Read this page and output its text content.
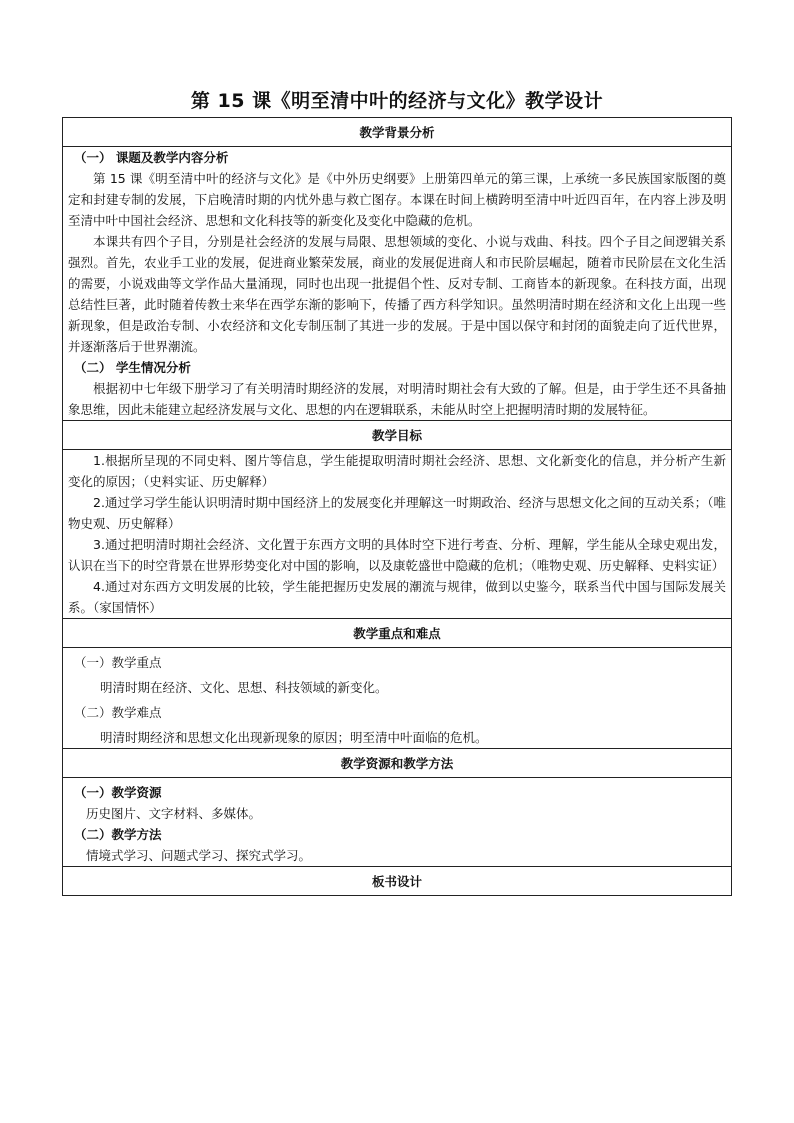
第 15 课《明至清中叶的经济与文化》教学设计
教学背景分析

（一） 课题及教学内容分析
第 15 课《明至清中叶的经济与文化》是《中外历史纲要》上册第四单元的第三课，上承统一多民族国家版图的奠定和封建专制的发展，下启晚清时期的内忧外患与救亡图存。本课在时间上横跨明至清中叶近四百年，在内容上涉及明至清中叶中国社会经济、思想和文化科技等的新变化及变化中隐藏的危机。
本课共有四个子目，分别是社会经济的发展与局限、思想领域的变化、小说与戏曲、科技。四个子目之间逻辑关系强烈。首先，农业手工业的发展，促进商业繁荣发展，商业的发展促进商人和市民阶层崛起，随着市民阶层在文化生活的需要，小说戏曲等文学作品大量涌现，同时也出现一批提倡个性、反对专制、工商皆本的新现象。在科技方面，出现总结性巨著，此时随着传教士来华在西学东渐的影响下，传播了西方科学知识。虽然明清时期在经济和文化上出现一些新现象，但是政治专制、小农经济和文化专制压制了其进一步的发展。于是中国以保守和封闭的面貌走向了近代世界，并逐渐落后于世界潮流。
（二） 学生情况分析
根据初中七年级下册学习了有关明清时期经济的发展，对明清时期社会有大致的了解。但是，由于学生还不具备抽象思维，因此未能建立起经济发展与文化、思想的内在逻辑联系，未能从时空上把握明清时期的发展特征。

教学目标

1.根据所呈现的不同史料、图片等信息，学生能提取明清时期社会经济、思想、文化新变化的信息，并分析产生新变化的原因；（史料实证、历史解释）
2.通过学习学生能认识明清时期中国经济上的发展变化并理解这一时期政治、经济与思想文化之间的互动关系；（唯物史观、历史解释）
3.通过把明清时期社会经济、文化置于东西方文明的具体时空下进行考查、分析、理解，学生能从全球史观出发，认识在当下的时空背景在世界形势变化对中国的影响，以及康乾盛世中隐藏的危机；（唯物史观、历史解释、史料实证）
4.通过对东西方文明发展的比较，学生能把握历史发展的潮流与规律，做到以史鉴今，联系当代中国与国际发展关系。（家国情怀）

教学重点和难点

（一）教学重点
明清时期在经济、文化、思想、科技领域的新变化。
（二）教学难点
明清时期经济和思想文化出现新现象的原因；明至清中叶面临的危机。

教学资源和教学方法

（一）教学资源
历史图片、文字材料、多媒体。
（二）教学方法
情境式学习、问题式学习、探究式学习。

板书设计
